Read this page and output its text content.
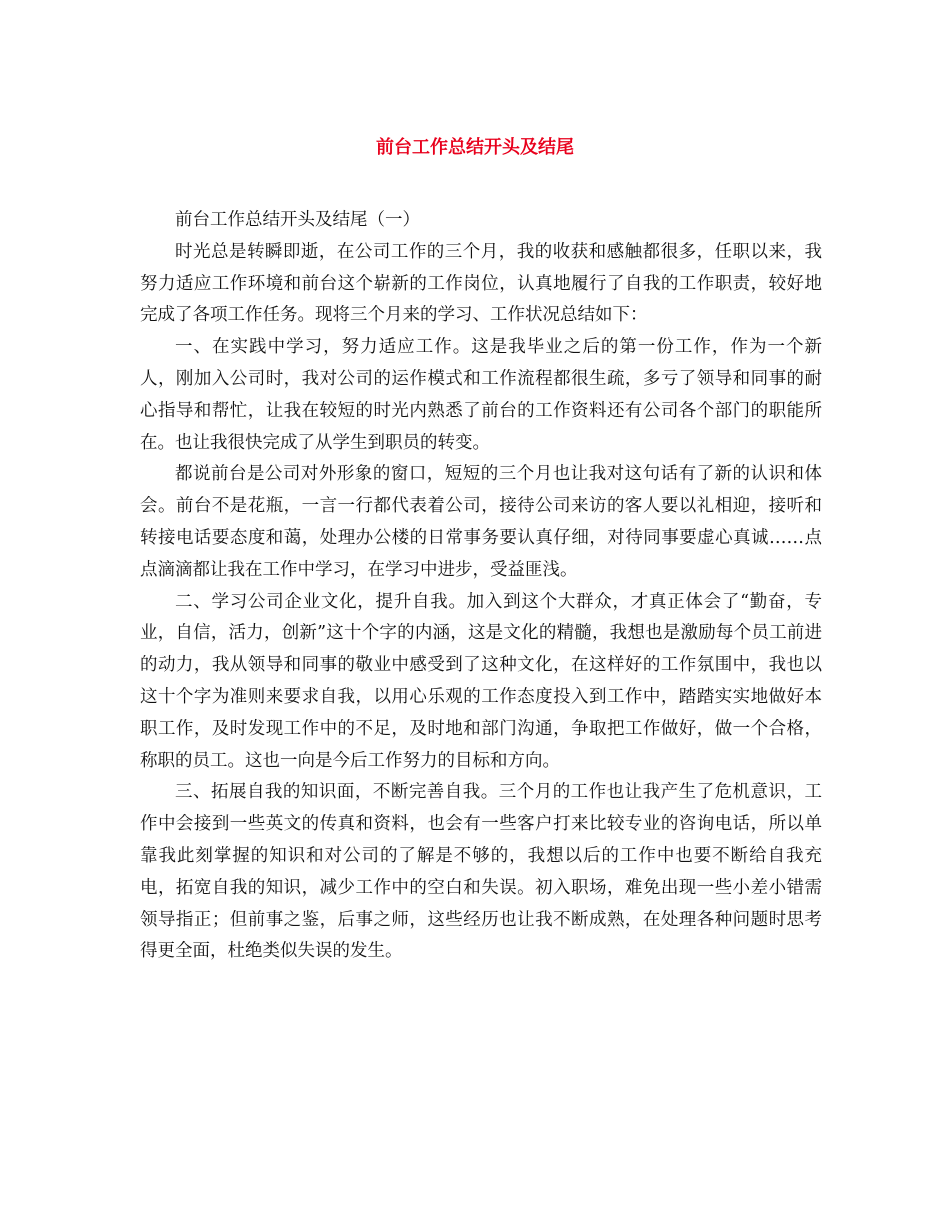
前台工作总结开头及结尾

前台工作总结开头及结尾（一）

时光总是转瞬即逝，在公司工作的三个月，我的收获和感触都很多，任职以来，我努力适应工作环境和前台这个崭新的工作岗位，认真地履行了自我的工作职责，较好地完成了各项工作任务。现将三个月来的学习、工作状况总结如下：

一、在实践中学习，努力适应工作。这是我毕业之后的第一份工作，作为一个新人，刚加入公司时，我对公司的运作模式和工作流程都很生疏，多亏了领导和同事的耐心指导和帮忙，让我在较短的时光内熟悉了前台的工作资料还有公司各个部门的职能所在。也让我很快完成了从学生到职员的转变。

都说前台是公司对外形象的窗口，短短的三个月也让我对这句话有了新的认识和体会。前台不是花瓶，一言一行都代表着公司，接待公司来访的客人要以礼相迎，接听和转接电话要态度和蔼，处理办公楼的日常事务要认真仔细，对待同事要虚心真诚……点点滴滴都让我在工作中学习，在学习中进步，受益匪浅。

二、学习公司企业文化，提升自我。加入到这个大群众，才真正体会了“勤奋，专业，自信，活力，创新”这十个字的内涵，这是文化的精髓，我想也是激励每个员工前进的动力，我从领导和同事的敬业中感受到了这种文化，在这样好的工作氛围中，我也以这十个字为准则来要求自我，以用心乐观的工作态度投入到工作中，踏踏实实地做好本职工作，及时发现工作中的不足，及时地和部门沟通，争取把工作做好，做一个合格，称职的员工。这也一向是今后工作努力的目标和方向。

三、拓展自我的知识面，不断完善自我。三个月的工作也让我产生了危机意识，工作中会接到一些英文的传真和资料，也会有一些客户打来比较专业的咨询电话，所以单靠我此刻掌握的知识和对公司的了解是不够的，我想以后的工作中也要不断给自我充电，拓宽自我的知识，减少工作中的空白和失误。初入职场，难免出现一些小差小错需领导指正；但前事之鉴，后事之师，这些经历也让我不断成熟，在处理各种问题时思考得更全面，杜绝类似失误的发生。
